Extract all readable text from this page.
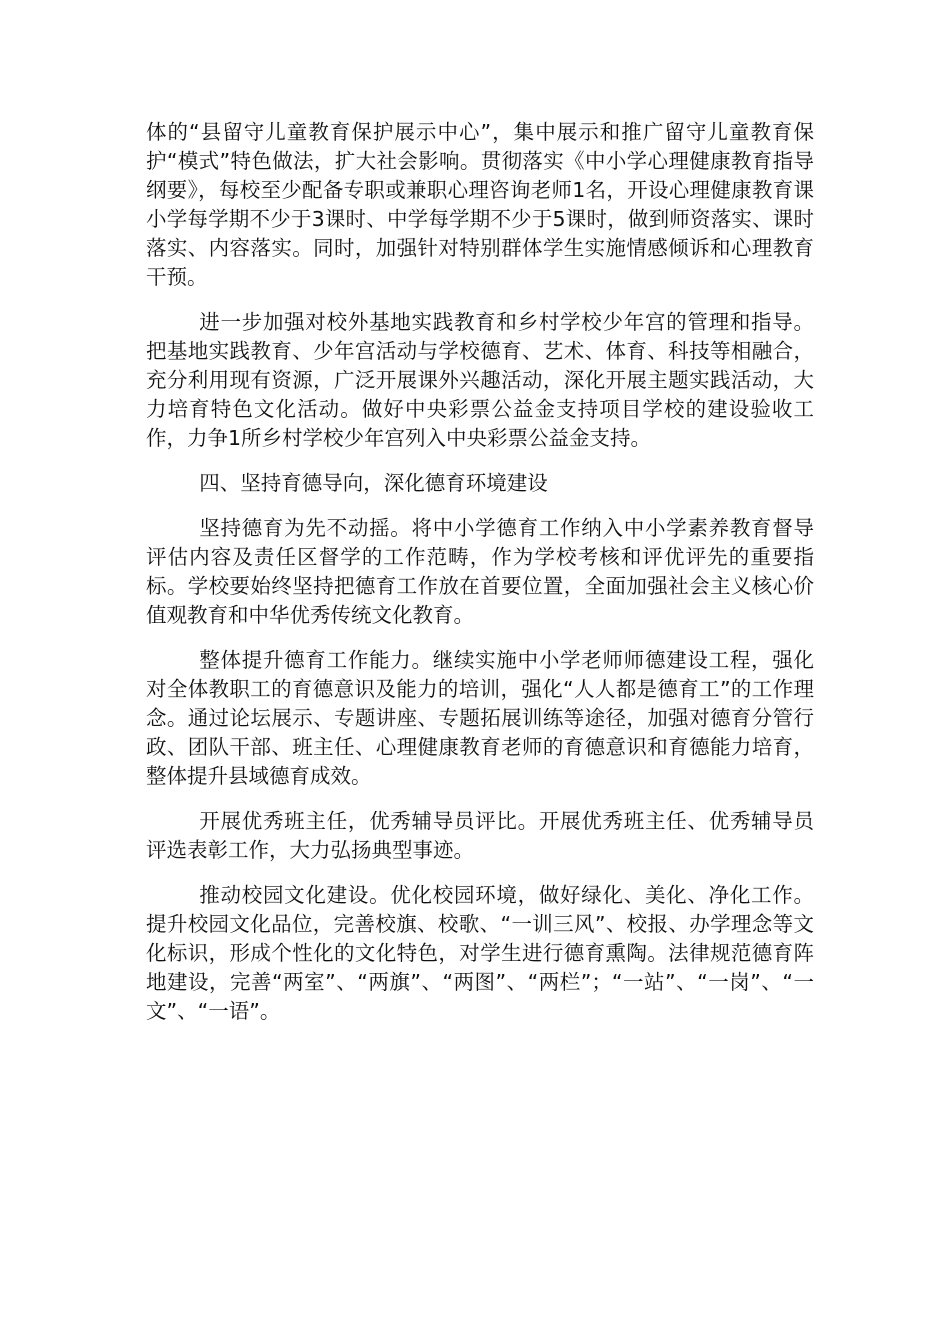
体的“县留守儿童教育保护展示中心”，集中展示和推广留守儿童教育保护“模式”特色做法，扩大社会影响。贯彻落实《中小学心理健康教育指导纲要》，每校至少配备专职或兼职心理咨询老师1名，开设心理健康教育课小学每学期不少于3课时、中学每学期不少于5课时，做到师资落实、课时落实、内容落实。同时，加强针对特别群体学生实施情感倾诉和心理教育干预。

进一步加强对校外基地实践教育和乡村学校少年宫的管理和指导。把基地实践教育、少年宫活动与学校德育、艺术、体育、科技等相融合，充分利用现有资源，广泛开展课外兴趣活动，深化开展主题实践活动，大力培育特色文化活动。做好中央彩票公益金支持项目学校的建设验收工作，力争1所乡村学校少年宫列入中央彩票公益金支持。

四、坚持育德导向，深化德育环境建设

坚持德育为先不动摇。将中小学德育工作纳入中小学素养教育督导评估内容及责任区督学的工作范畴，作为学校考核和评优评先的重要指标。学校要始终坚持把德育工作放在首要位置，全面加强社会主义核心价值观教育和中华优秀传统文化教育。

整体提升德育工作能力。继续实施中小学老师师德建设工程，强化对全体教职工的育德意识及能力的培训，强化“人人都是德育工”的工作理念。通过论坛展示、专题讲座、专题拓展训练等途径，加强对德育分管行政、团队干部、班主任、心理健康教育老师的育德意识和育德能力培育，整体提升县域德育成效。

开展优秀班主任，优秀辅导员评比。开展优秀班主任、优秀辅导员评选表彰工作，大力弘扬典型事迹。

推动校园文化建设。优化校园环境，做好绿化、美化、净化工作。提升校园文化品位，完善校旗、校歌、“一训三风”、校报、办学理念等文化标识，形成个性化的文化特色，对学生进行德育熏陶。法律规范德育阵地建设，完善“两室”、“两旗”、“两图”、“两栏”；“一站”、“一岗”、“一文”、“一语”。
